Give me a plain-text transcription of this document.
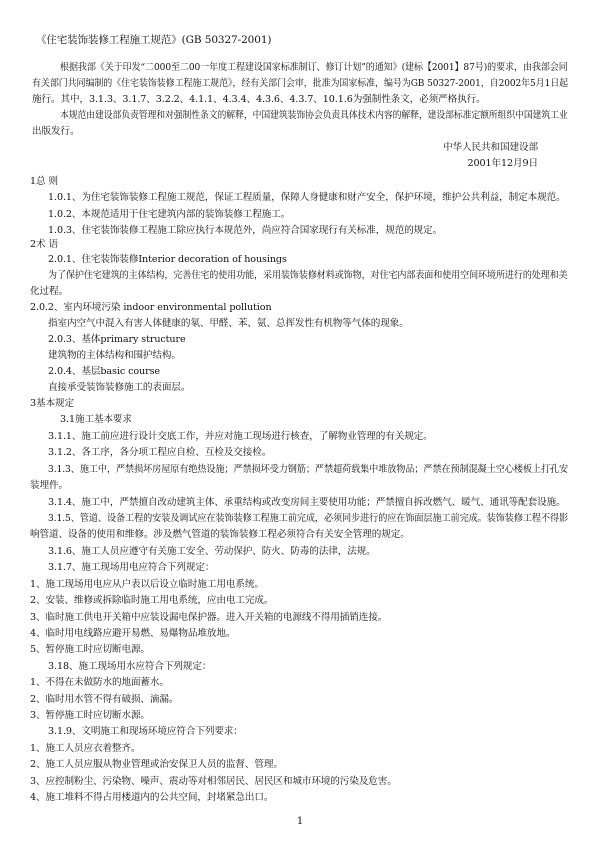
《住宅装饰装修工程施工规范》(GB 50327-2001)
根据我部《关于印发“二000至二00一年度工程建设国家标准制订、修订计划”的通知》(建标【2001】87号)的要求，由我部会同
有关部门共同编制的《住宅装饰装修工程施工规范》，经有关部门会审，批准为国家标准，编号为GB 50327-2001，自2002年5月1日起
施行。其中，3.1.3、3.1.7、3.2.2、4.1.1、4.3.4、4.3.6、4.3.7、10.1.6为强制性条文，必须严格执行。
本规范由建设部负责管理和对强制性条文的解释，中国建筑装饰协会负责具体技术内容的解释，建设部标准定额所组织中国建筑工业
出版发行。
中华人民共和国建设部
2001年12月9日
1总 则
1.0.1、为住宅装饰装修工程施工规范，保证工程质量，保障人身健康和财产安全，保护环境，维护公共利益，制定本规范。
1.0.2、本规范适用于住宅建筑内部的装饰装修工程施工。
1.0.3、住宅装饰装修工程施工除应执行本规范外，尚应符合国家现行有关标准，规范的规定。
2术 语
2.0.1、住宅装饰装修Interior decoration of housings
为了保护住宅建筑的主体结构，完善住宅的使用功能，采用装饰装修材料或饰物，对住宅内部表面和使用空间环境所进行的处理和美
化过程。
2.0.2、室内环境污染 indoor environmental pollution
指室内空气中混入有害人体健康的氡、甲醛、苯、氨、总挥发性有机物等气体的现象。
2.0.3、基体primary structure
建筑物的主体结构和围护结构。
2.0.4、基层basic course
直接承受装饰装修施工的表面层。
3基本规定
3.1施工基本要求
3.1.1、施工前应进行设计交底工作，并应对施工现场进行核查，了解物业管理的有关规定。
3.1.2、各工序，各分项工程应自检、互检及交接检。
3.1.3、施工中，严禁损坏房屋原有绝热设施；严禁损坏受力钢筋；严禁超荷载集中堆放物品；严禁在预制混凝土空心楼板上打孔安
装埋件。
3.1.4、施工中，严禁擅自改动建筑主体、承重结构或改变房间主要使用功能；严禁擅自拆改燃气、暖气、通讯等配套设施。
3.1.5、管道、设备工程的安装及调试应在装饰装修工程施工前完成，必须同步进行的应在饰面层施工前完成。装饰装修工程不得影
响管道、设备的使用和维修。涉及燃气管道的装饰装修工程必须符合有关安全管理的规定。
3.1.6、施工人员应遵守有关施工安全、劳动保护、防火、防毒的法律，法规。
3.1.7、施工现场用电应符合下列规定：
1、施工现场用电应从户表以后设立临时施工用电系统。
2、安装、维修或拆除临时施工用电系统，应由电工完成。
3、临时施工供电开关箱中应装设漏电保护器。进入开关箱的电源线不得用插销连接。
4、临时用电线路应避开易燃、易爆物品堆放地。
5、暂停施工时应切断电源。
3.18、施工现场用水应符合下列规定：
1、不得在未做防水的地面蓄水。
2、临时用水管不得有破损、滴漏。
3、暂停施工时应切断水源。
3.1.9、文明施工和现场环境应符合下列要求：
1、施工人员应衣着整齐。
2、施工人员应服从物业管理或治安保卫人员的监督、管理。
3、应控制粉尘、污染物、噪声、震动等对相邻居民、居民区和城市环境的污染及危害。
4、施工堆料不得占用楼道内的公共空间，封堵紧急出口。
1
